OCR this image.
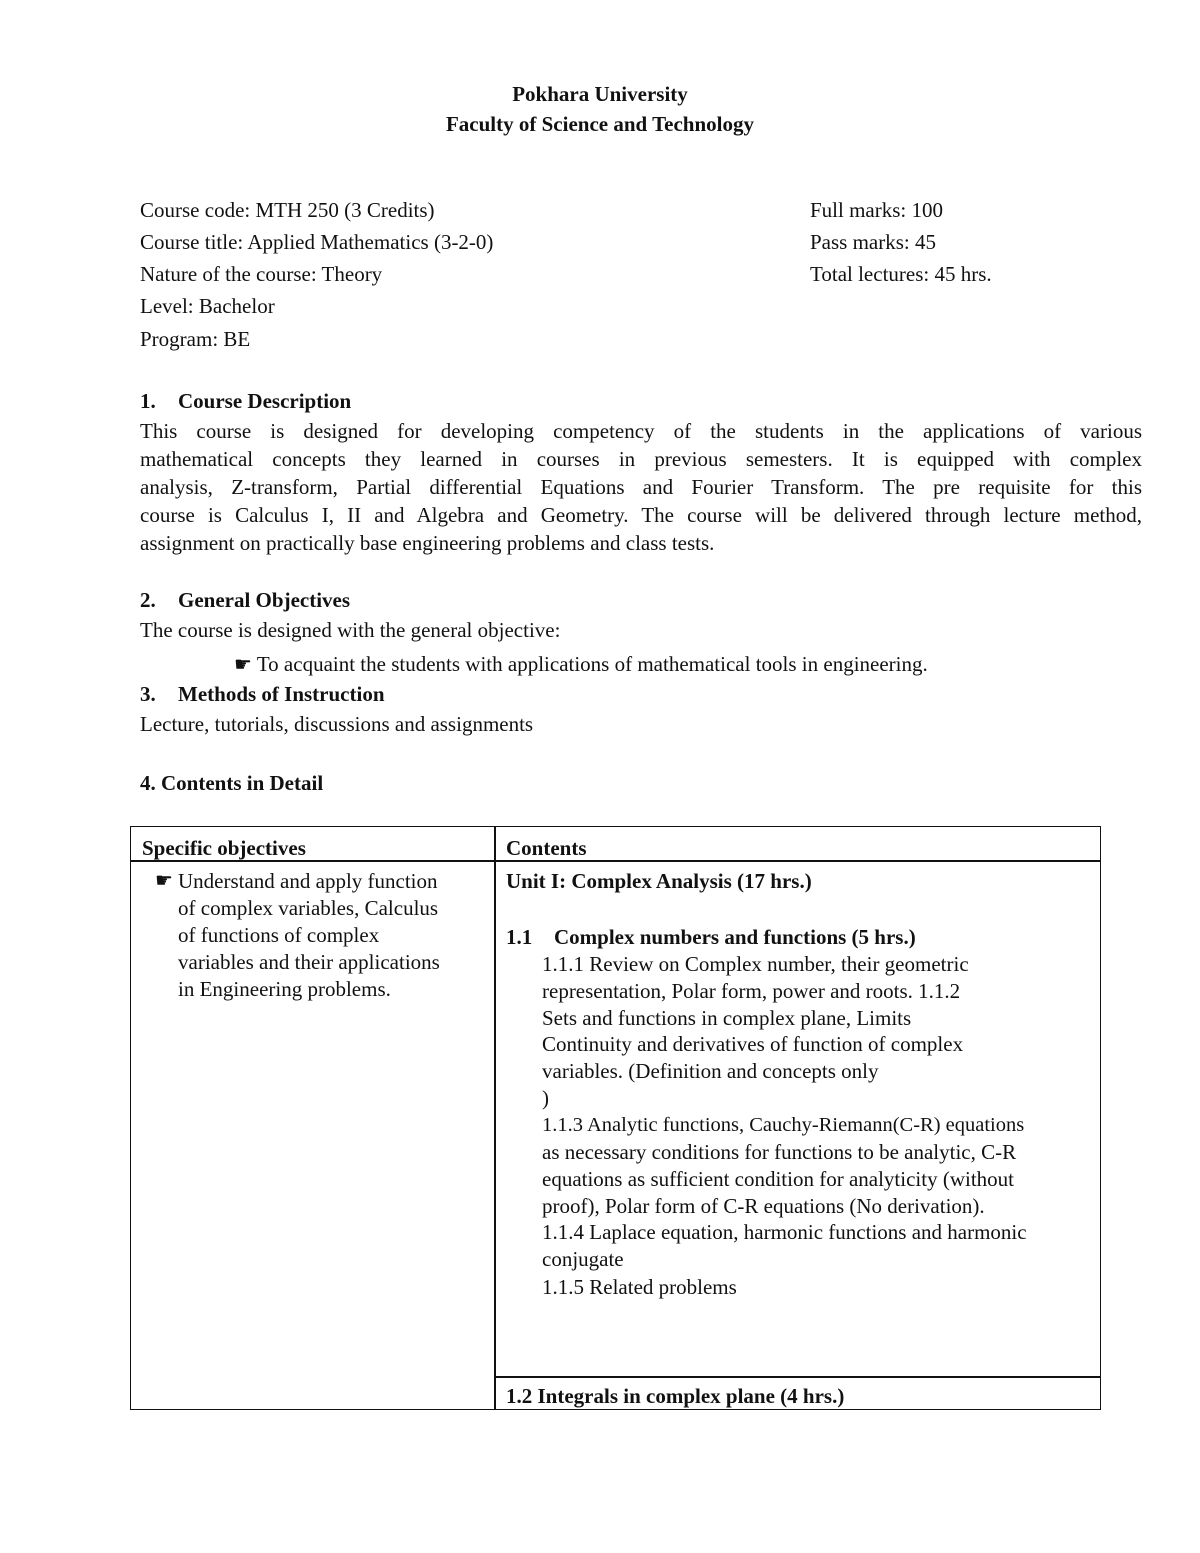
Pokhara University
Faculty of Science and Technology
Course code: MTH 250 (3 Credits)
Course title: Applied Mathematics (3-2-0)
Nature of the course: Theory
Level: Bachelor
Program: BE
Full marks: 100
Pass marks: 45
Total lectures: 45 hrs.
1. Course Description
This course is designed for developing competency of the students in the applications of various
mathematical concepts they learned in courses in previous semesters. It is equipped with complex
analysis, Z-transform, Partial differential Equations and Fourier Transform. The pre requisite for this
course is Calculus I, II and Algebra and Geometry. The course will be delivered through lecture method,
assignment on practically base engineering problems and class tests.
2. General Objectives
The course is designed with the general objective:
☛ To acquaint the students with applications of mathematical tools in engineering.
3. Methods of Instruction
Lecture, tutorials, discussions and assignments
4. Contents in Detail
Specific objectives	Contents
☛ Understand and apply function
of complex variables, Calculus
of functions of complex
variables and their applications
in Engineering problems.
Unit I: Complex Analysis (17 hrs.)
1.1 Complex numbers and functions (5 hrs.)
1.1.1 Review on Complex number, their geometric
representation, Polar form, power and roots. 1.1.2
Sets and functions in complex plane, Limits
Continuity and derivatives of function of complex
variables. (Definition and concepts only
)
1.1.3 Analytic functions, Cauchy-Riemann(C-R) equations
as necessary conditions for functions to be analytic, C-R
equations as sufficient condition for analyticity (without
proof), Polar form of C-R equations (No derivation).
1.1.4 Laplace equation, harmonic functions and harmonic
conjugate
1.1.5 Related problems
1.2 Integrals in complex plane (4 hrs.)
